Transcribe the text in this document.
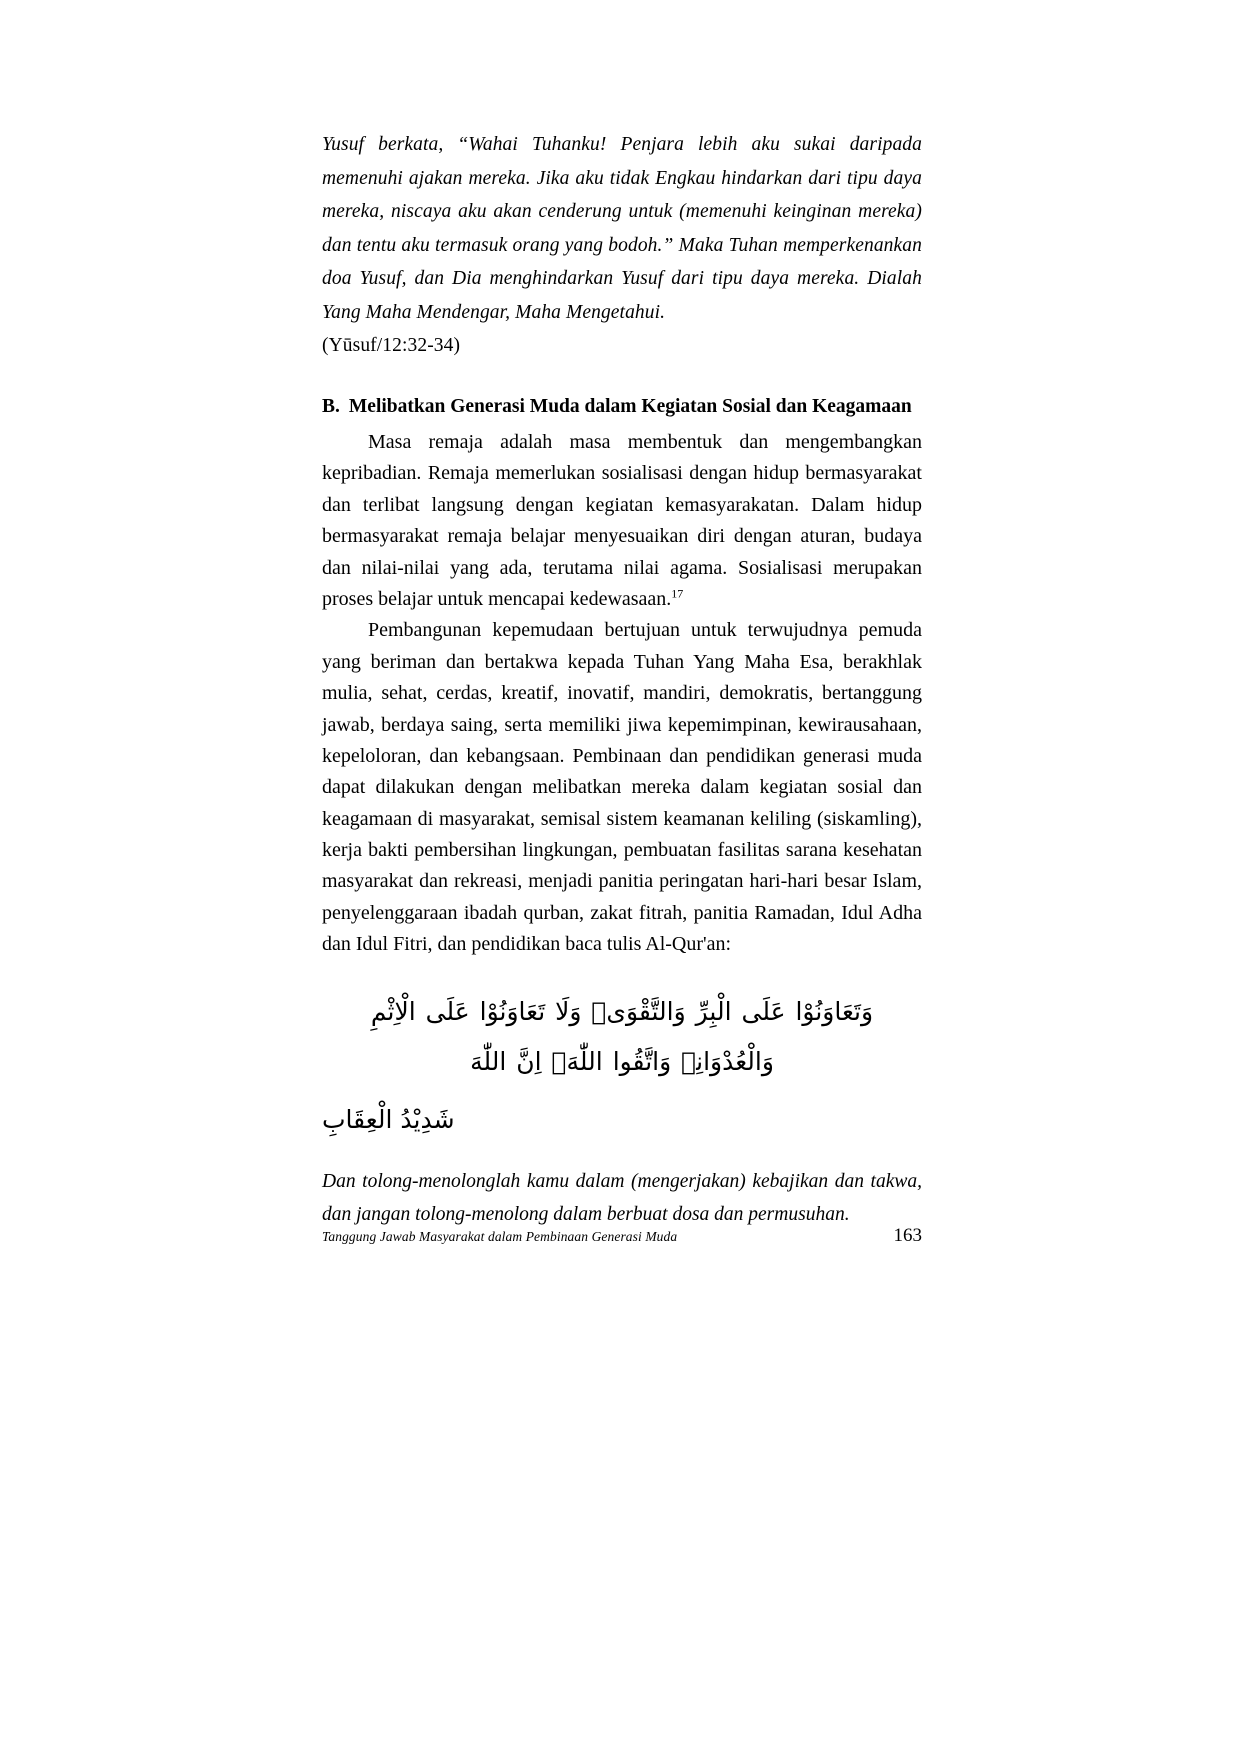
Yusuf berkata, “Wahai Tuhanku! Penjara lebih aku sukai daripada memenuhi ajakan mereka. Jika aku tidak Engkau hindarkan dari tipu daya mereka, niscaya aku akan cenderung untuk (memenuhi keinginan mereka) dan tentu aku termasuk orang yang bodoh.” Maka Tuhan memperkenankan doa Yusuf, dan Dia menghindarkan Yusuf dari tipu daya mereka. Dialah Yang Maha Mendengar, Maha Mengetahui.
(Yūsuf/12:32-34)
B. Melibatkan Generasi Muda dalam Kegiatan Sosial dan Keagamaan

Masa remaja adalah masa membentuk dan mengembangkan kepribadian. Remaja memerlukan sosialisasi dengan hidup bermasyarakat dan terlibat langsung dengan kegiatan kemasyarakatan. Dalam hidup bermasyarakat remaja belajar menyesuaikan diri dengan aturan, budaya dan nilai-nilai yang ada, terutama nilai agama. Sosialisasi merupakan proses belajar untuk mencapai kedewasaan.$^{17}$

Pembangunan kepemudaan bertujuan untuk terwujudnya pemuda yang beriman dan bertakwa kepada Tuhan Yang Maha Esa, berakhlak mulia, sehat, cerdas, kreatif, inovatif, mandiri, demokratis, bertanggung jawab, berdaya saing, serta memiliki jiwa kepemimpinan, kewirausahaan, kepeloloran, dan kebangsaan. Pembinaan dan pendidikan generasi muda dapat dilakukan dengan melibatkan mereka dalam kegiatan sosial dan keagamaan di masyarakat, semisal sistem keamanan keliling (siskamling), kerja bakti pembersihan lingkungan, pembuatan fasilitas sarana kesehatan masyarakat dan rekreasi, menjadi panitia peringatan hari-hari besar Islam, penyelenggaraan ibadah qurban, zakat fitrah, panitia Ramadan, Idul Adha dan Idul Fitri, dan pendidikan baca tulis Al-Qur'an:

وَتَعَاوَنُوْا عَلَى الْبِرِّ وَالتَّقْوَىۖ وَلَا تَعَاوَنُوْا عَلَى الْاِثْمِ وَالْعُدْوَانِے وَاتَّقُوا اللّٰهَۗ اِنَّ اللّٰهَ
شَدِيْدُ الْعِقَابِ
Dan tolong-menolonglah kamu dalam (mengerjakan) kebajikan dan takwa, dan jangan tolong-menolong dalam berbuat dosa dan permusuhan.
Tanggung Jawab Masyarakat dalam Pembinaan Generasi Muda	163
